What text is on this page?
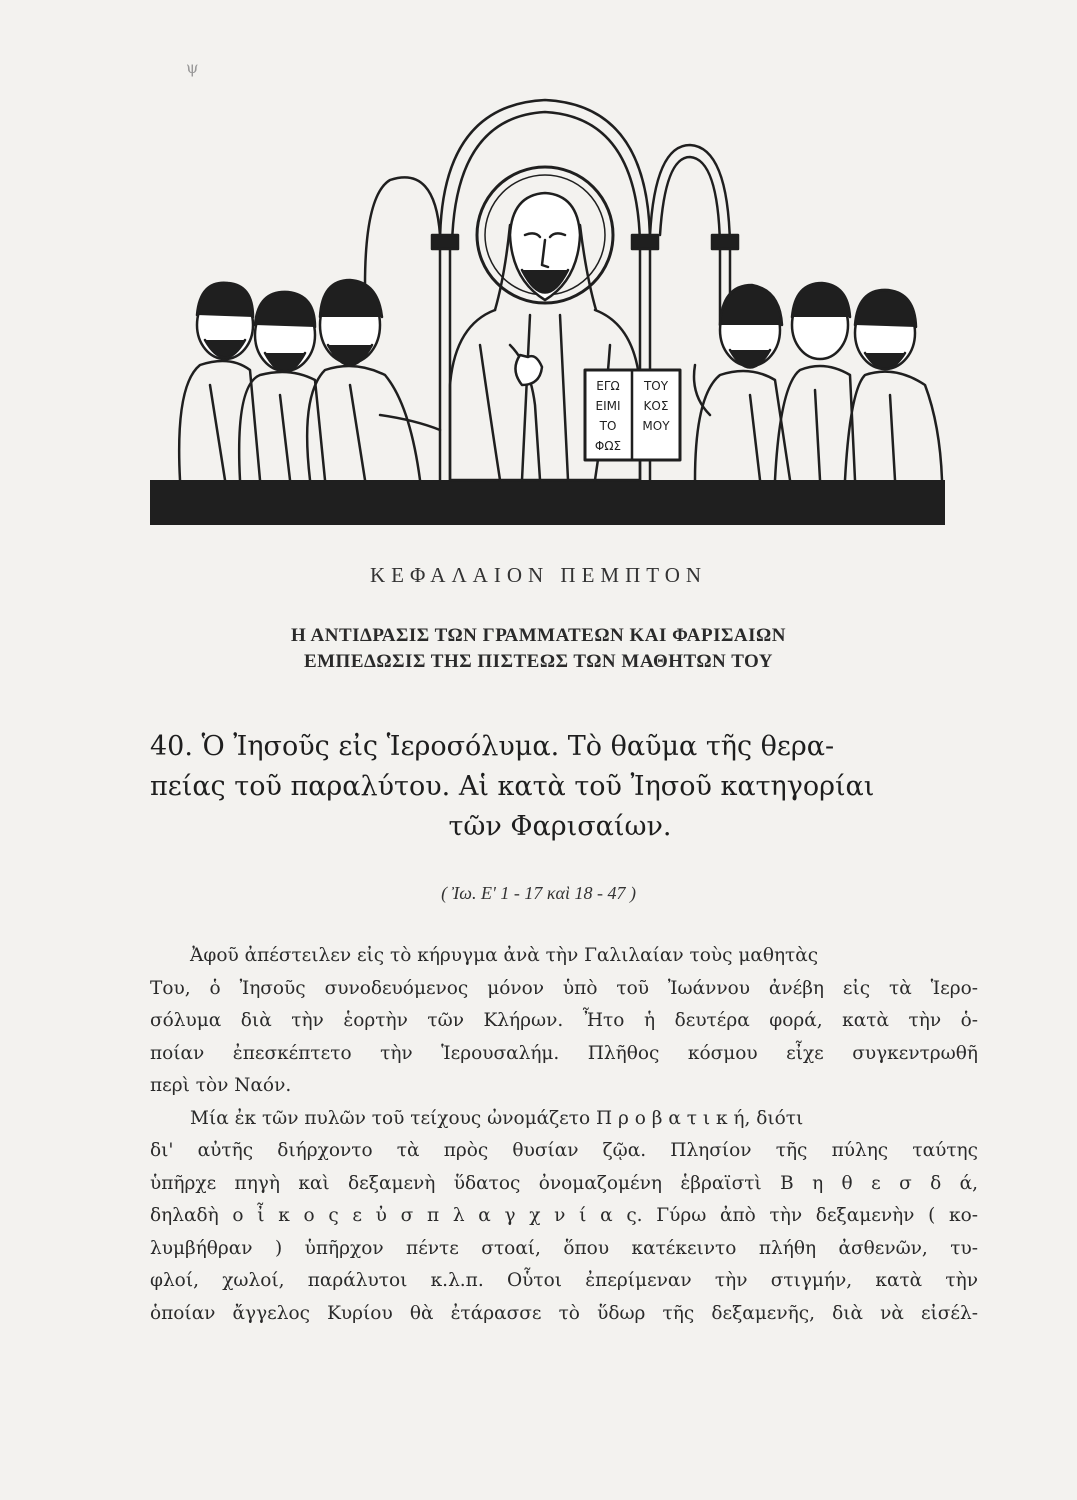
ψ
ΕΓΩ
ΕΙΜΙ
ΤΟ
ΦΩΣ
ΤΟΥ
ΚΟΣ
ΜΟΥ
ΚΕΦΑΛΑΙΟΝ ΠΕΜΠΤΟΝ
Η ΑΝΤΙΔΡΑΣΙΣ ΤΩΝ ΓΡΑΜΜΑΤΕΩΝ ΚΑΙ ΦΑΡΙΣΑΙΩΝ
ΕΜΠΕΔΩΣΙΣ ΤΗΣ ΠΙΣΤΕΩΣ ΤΩΝ ΜΑΘΗΤΩΝ ΤΟΥ
40. Ὁ Ἰησοῦς εἰς Ἱεροσόλυμα. Τὸ θαῦμα τῆς θερα-
πείας τοῦ παραλύτου. Αἱ κατὰ τοῦ Ἰησοῦ κατηγορίαι
τῶν Φαρισαίων.
( Ἰω. Ε' 1 - 17 καὶ 18 - 47 )
Ἀφοῦ ἀπέστειλεν εἰς τὸ κήρυγμα ἀνὰ τὴν Γαλιλαίαν τοὺς μαθητὰς
Του, ὁ Ἰησοῦς συνοδευόμενος μόνον ὑπὸ τοῦ Ἰωάννου ἀνέβη εἰς τὰ Ἱερο-
σόλυμα διὰ τὴν ἑορτὴν τῶν Κλήρων. Ἦτο ἡ δευτέρα φορά, κατὰ τὴν ὁ-
ποίαν ἐπεσκέπτετο τὴν Ἱερουσαλήμ. Πλῆθος κόσμου εἶχε συγκεντρωθῆ
περὶ τὸν Ναόν.
Μία ἐκ τῶν πυλῶν τοῦ τείχους ὠνομάζετο Π ρ ο β α τ ι κ ή, διότι
δι' αὐτῆς διήρχοντο τὰ πρὸς θυσίαν ζῷα. Πλησίον τῆς πύλης ταύτης
ὑπῆρχε πηγὴ καὶ δεξαμενὴ ὕδατος ὀνομαζομένη ἑβραϊστὶ Β η θ ε σ δ ά,
δηλαδὴ ο ἶ κ ο ς ε ὐ σ π λ α γ χ ν ί α ς. Γύρω ἀπὸ τὴν δεξαμενὴν ( κο-
λυμβήθραν ) ὑπῆρχον πέντε στοαί, ὅπου κατέκειντο πλήθη ἀσθενῶν, τυ-
φλοί, χωλοί, παράλυτοι κ.λ.π. Οὗτοι ἐπερίμεναν τὴν στιγμήν, κατὰ τὴν
ὁποίαν ἄγγελος Κυρίου θὰ ἐτάρασσε τὸ ὕδωρ τῆς δεξαμενῆς, διὰ νὰ εἰσέλ-
